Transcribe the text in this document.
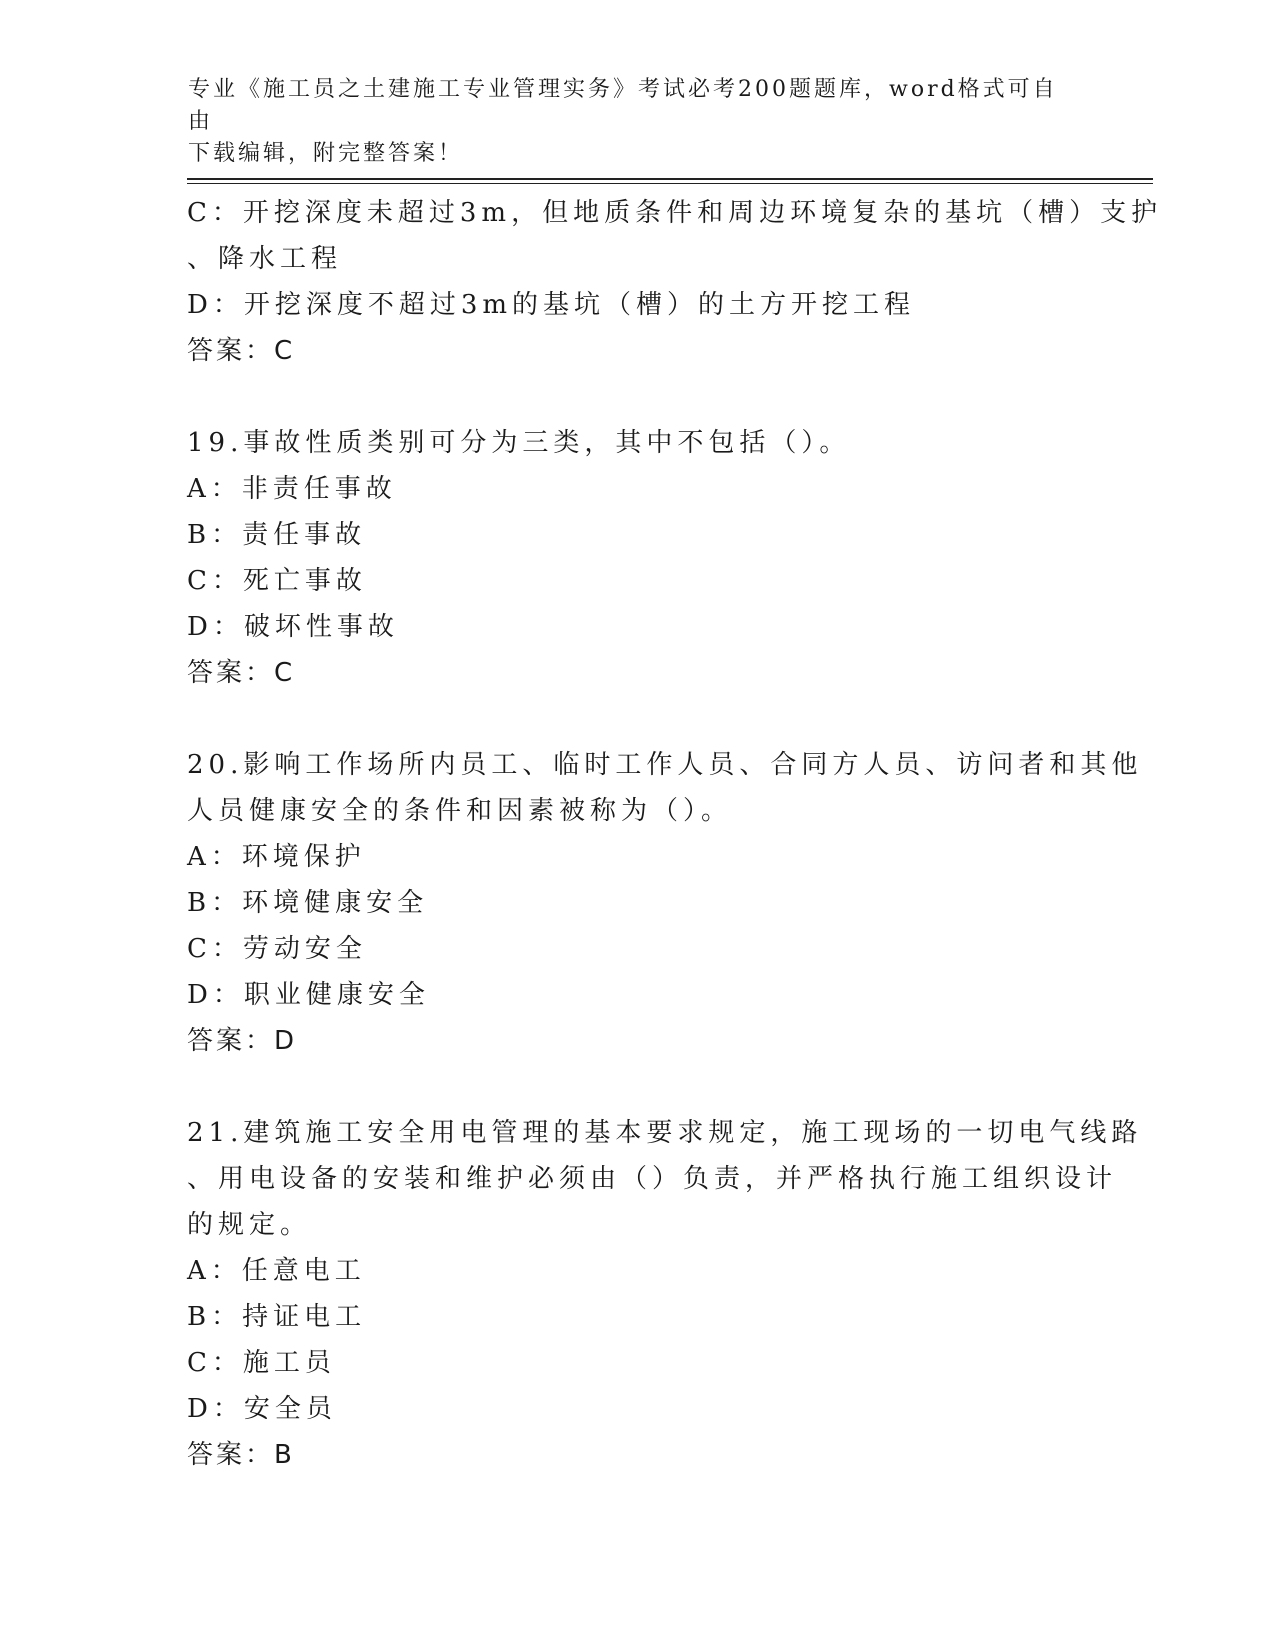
专业《施工员之土建施工专业管理实务》考试必考200题题库，word格式可自由
下载编辑，附完整答案！
C：开挖深度未超过3m，但地质条件和周边环境复杂的基坑（槽）支护
、降水工程
D：开挖深度不超过3m的基坑（槽）的土方开挖工程
答案：C
19.事故性质类别可分为三类，其中不包括（）。
A：非责任事故
B：责任事故
C：死亡事故
D：破坏性事故
答案：C
20.影响工作场所内员工、临时工作人员、合同方人员、访问者和其他
人员健康安全的条件和因素被称为（）。
A：环境保护
B：环境健康安全
C：劳动安全
D：职业健康安全
答案：D
21.建筑施工安全用电管理的基本要求规定，施工现场的一切电气线路
、用电设备的安装和维护必须由（）负责，并严格执行施工组织设计
的规定。
A：任意电工
B：持证电工
C：施工员
D：安全员
答案：B
